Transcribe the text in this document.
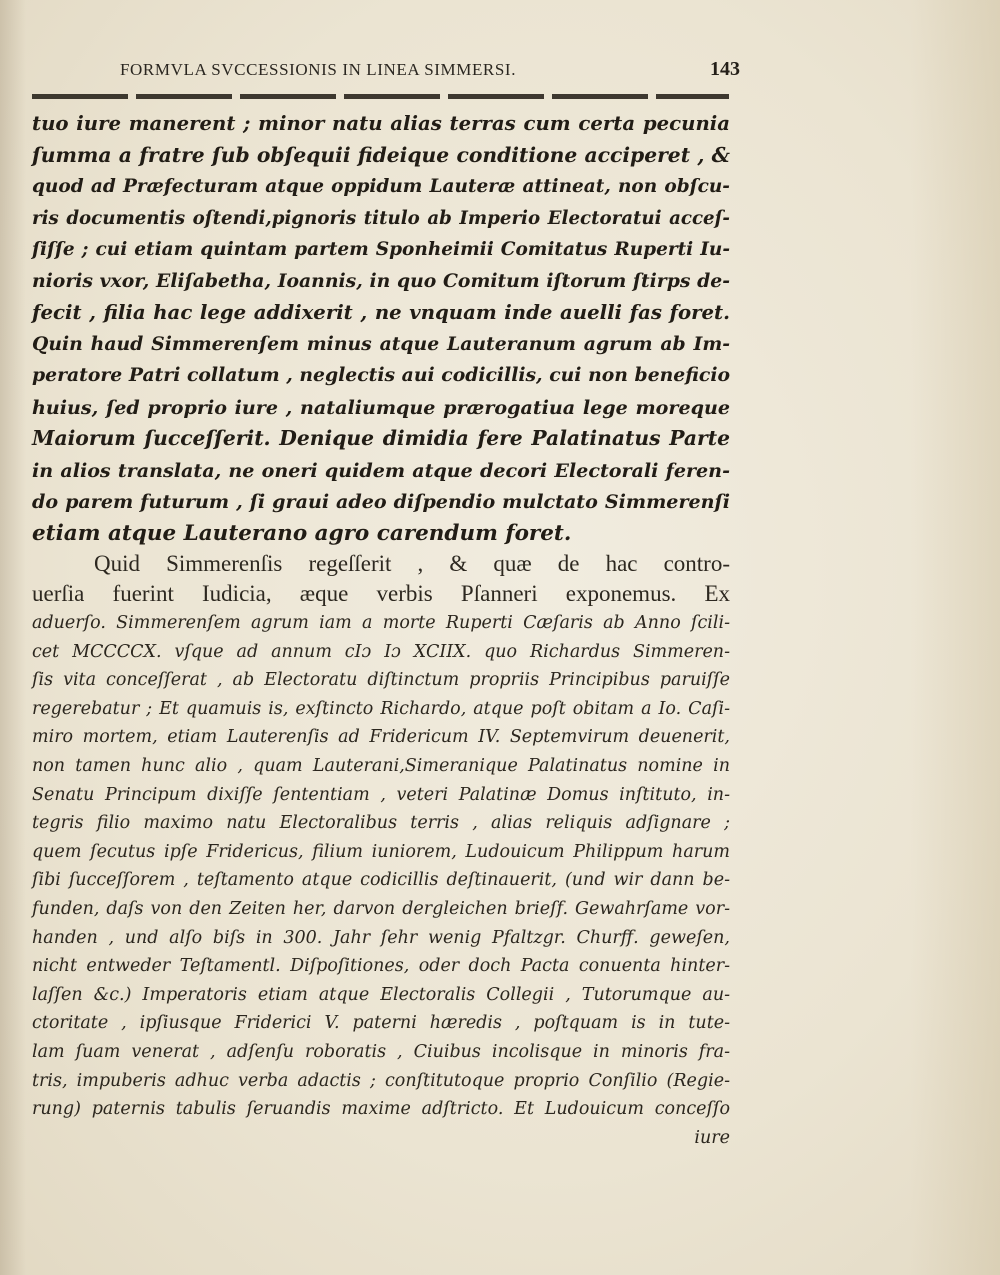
FORMVLA SVCCESSIONIS IN LINEA SIMMERSI.	143
tuo iure manerent ; minor natu alias terras cum certa pecunia
ſumma a fratre ſub obſequii fideique conditione acciperet , &
quod ad Præfecturam atque oppidum Lauteræ attineat, non obſcu-
ris documentis oſtendi,pignoris titulo ab Imperio Electoratui acceſ-
ſiſſe ; cui etiam quintam partem Sponheimii Comitatus Ruperti Iu-
nioris vxor, Eliſabetha, Ioannis, in quo Comitum iſtorum ſtirps de-
fecit , filia hac lege addixerit , ne vnquam inde auelli fas foret.
Quin haud Simmerenſem minus atque Lauteranum agrum ab Im-
peratore Patri collatum , neglectis aui codicillis, cui non beneficio
huius, ſed proprio iure , nataliumque prærogatiua lege moreque
Maiorum ſucceſſerit. Denique dimidia fere Palatinatus Parte
in alios translata, ne oneri quidem atque decori Electorali feren-
do parem futurum , ſi graui adeo diſpendio mulctato Simmerenſi
etiam atque Lauterano agro carendum foret.
Quid Simmerenſis regeſſerit , & quæ de hac contro-
uerſia fuerint Iudicia, æque verbis Pſanneri exponemus. Ex
aduerſo. Simmerenſem agrum iam a morte Ruperti Cæſaris ab Anno ſcili-
cet MCCCCX. vſque ad annum cIɔ Iɔ XCIIX. quo Richardus Simmeren-
ſis vita conceſſerat , ab Electoratu diſtinctum propriis Principibus paruiſſe
regerebatur ; Et quamuis is, exſtincto Richardo, atque poſt obitam a Io. Caſi-
miro mortem, etiam Lauterenſis ad Fridericum IV. Septemvirum deuenerit,
non tamen hunc alio , quam Lauterani,Simeranique Palatinatus nomine in
Senatu Principum dixiſſe ſententiam , veteri Palatinæ Domus inſtituto, in-
tegris filio maximo natu Electoralibus terris , alias reliquis adſignare ;
quem ſecutus ipſe Fridericus, filium iuniorem, Ludouicum Philippum harum
ſibi ſucceſſorem , teſtamento atque codicillis deſtinauerit, (und wir dann be-
funden, daſs von den Zeiten her, darvon dergleichen brieſf. Gewahrſame vor-
handen , und alſo biſs in 300. Jahr ſehr wenig Pfaltzgr. Churff. geweſen,
nicht entweder Teſtamentl. Diſpoſitiones, oder doch Pacta conuenta hinter-
laſſen &c.) Imperatoris etiam atque Electoralis Collegii , Tutorumque au-
ctoritate , ipſiusque Friderici V. paterni hæredis , poſtquam is in tute-
lam ſuam venerat , adſenſu roboratis , Ciuibus incolisque in minoris fra-
tris, impuberis adhuc verba adactis ; conſtitutoque proprio Conſilio (Regie-
rung) paternis tabulis ſeruandis maxime adſtricto. Et Ludouicum conceſſo
iure
